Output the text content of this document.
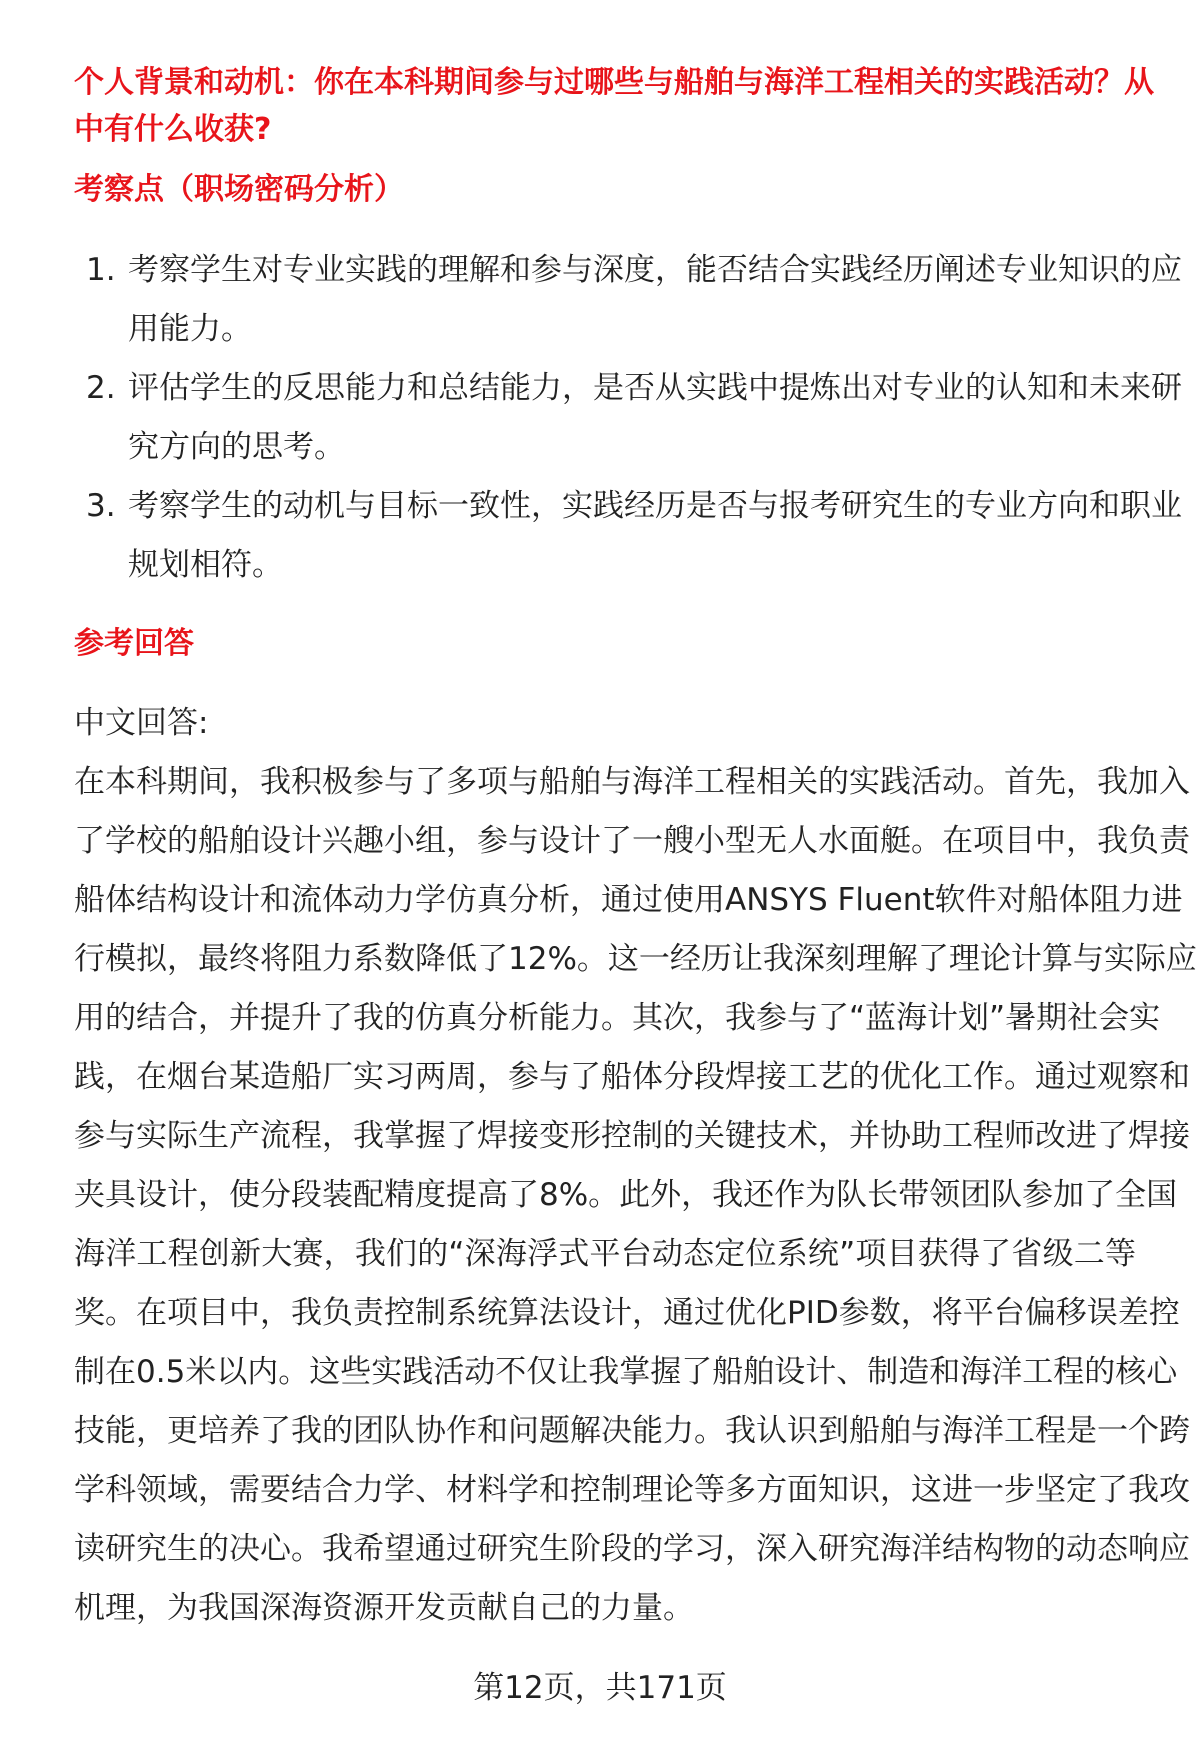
个人背景和动机：你在本科期间参与过哪些与船舶与海洋工程相关的实践活动？从
中有什么收获?
考察点（职场密码分析）
1. 考察学生对专业实践的理解和参与深度，能否结合实践经历阐述专业知识的应
用能力。
2. 评估学生的反思能力和总结能力，是否从实践中提炼出对专业的认知和未来研
究方向的思考。
3. 考察学生的动机与目标一致性，实践经历是否与报考研究生的专业方向和职业
规划相符。
参考回答
中文回答:
在本科期间，我积极参与了多项与船舶与海洋工程相关的实践活动。首先，我加入
了学校的船舶设计兴趣小组，参与设计了一艘小型无人水面艇。在项目中，我负责
船体结构设计和流体动力学仿真分析，通过使用ANSYS Fluent软件对船体阻力进
行模拟，最终将阻力系数降低了12%。这一经历让我深刻理解了理论计算与实际应
用的结合，并提升了我的仿真分析能力。其次，我参与了“蓝海计划”暑期社会实
践，在烟台某造船厂实习两周，参与了船体分段焊接工艺的优化工作。通过观察和
参与实际生产流程，我掌握了焊接变形控制的关键技术，并协助工程师改进了焊接
夹具设计，使分段装配精度提高了8%。此外，我还作为队长带领团队参加了全国
海洋工程创新大赛，我们的“深海浮式平台动态定位系统”项目获得了省级二等
奖。在项目中，我负责控制系统算法设计，通过优化PID参数，将平台偏移误差控
制在0.5米以内。这些实践活动不仅让我掌握了船舶设计、制造和海洋工程的核心
技能，更培养了我的团队协作和问题解决能力。我认识到船舶与海洋工程是一个跨
学科领域，需要结合力学、材料学和控制理论等多方面知识，这进一步坚定了我攻
读研究生的决心。我希望通过研究生阶段的学习，深入研究海洋结构物的动态响应
机理，为我国深海资源开发贡献自己的力量。
第12页，共171页
